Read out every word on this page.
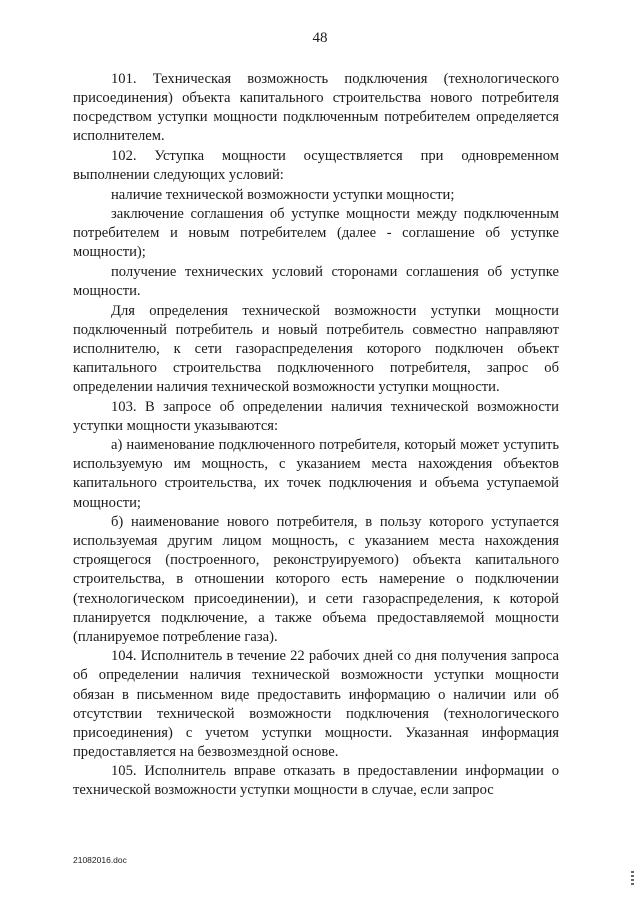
48

101. Техническая возможность подключения (технологического присоединения) объекта капитального строительства нового потребителя посредством уступки мощности подключенным потребителем определяется исполнителем.

102. Уступка мощности осуществляется при одновременном выполнении следующих условий:

наличие технической возможности уступки мощности;

заключение соглашения об уступке мощности между подключенным потребителем и новым потребителем (далее - соглашение об уступке мощности);

получение технических условий сторонами соглашения об уступке мощности.

Для определения технической возможности уступки мощности подключенный потребитель и новый потребитель совместно направляют исполнителю, к сети газораспределения которого подключен объект капитального строительства подключенного потребителя, запрос об определении наличия технической возможности уступки мощности.

103. В запросе об определении наличия технической возможности уступки мощности указываются:

а) наименование подключенного потребителя, который может уступить используемую им мощность, с указанием места нахождения объектов капитального строительства, их точек подключения и объема уступаемой мощности;

б) наименование нового потребителя, в пользу которого уступается используемая другим лицом мощность, с указанием места нахождения строящегося (построенного, реконструируемого) объекта капитального строительства, в отношении которого есть намерение о подключении (технологическом присоединении), и сети газораспределения, к которой планируется подключение, а также объема предоставляемой мощности (планируемое потребление газа).

104. Исполнитель в течение 22 рабочих дней со дня получения запроса об определении наличия технической возможности уступки мощности обязан в письменном виде предоставить информацию о наличии или об отсутствии технической возможности подключения (технологического присоединения) с учетом уступки мощности. Указанная информация предоставляется на безвозмездной основе.

105. Исполнитель вправе отказать в предоставлении информации о технической возможности уступки мощности в случае, если запрос

21082016.doc
